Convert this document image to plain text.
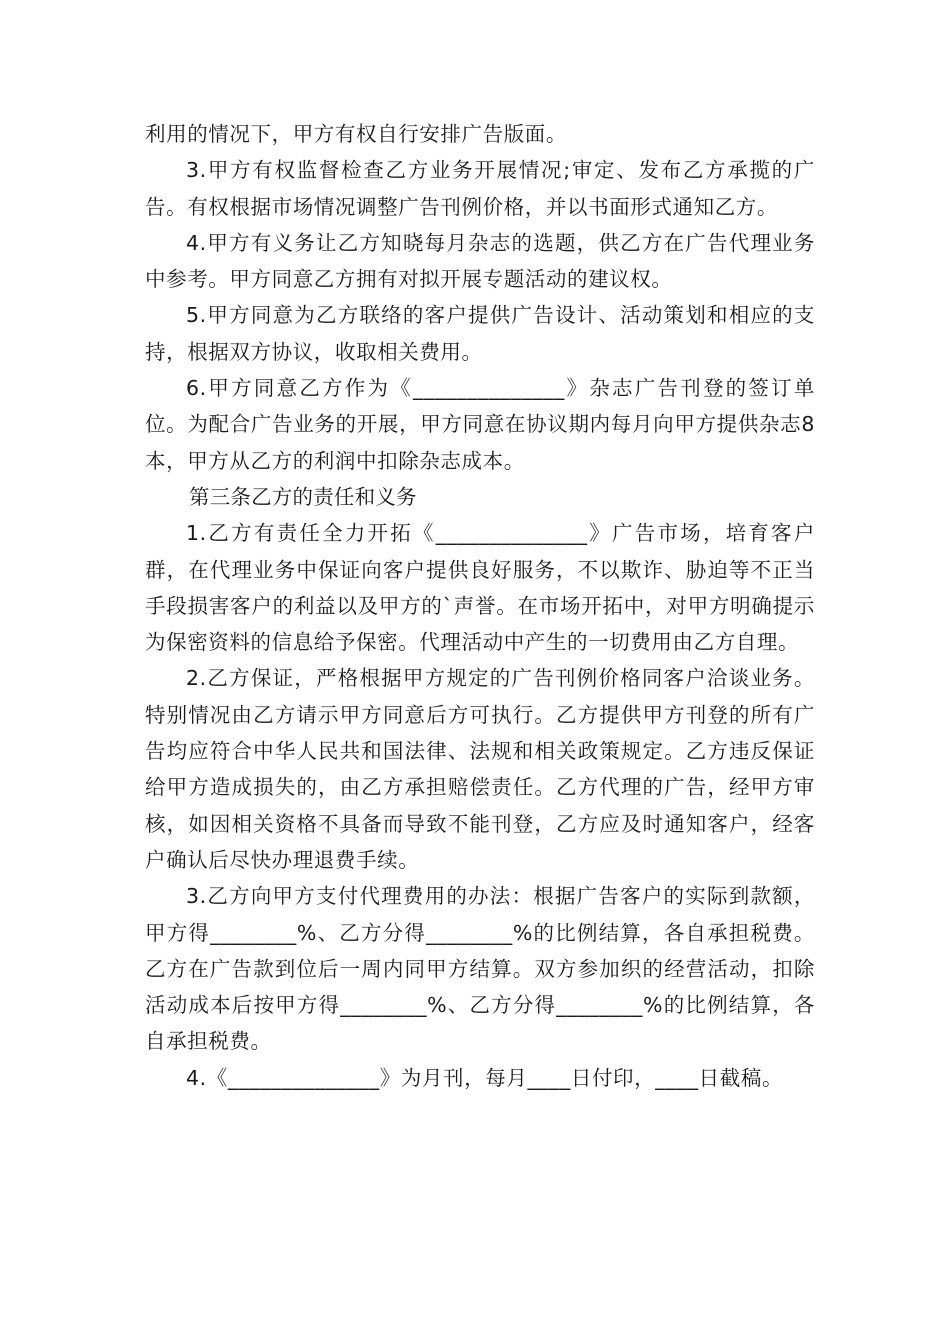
利用的情况下，甲方有权自行安排广告版面。

3.甲方有权监督检查乙方业务开展情况;审定、发布乙方承揽的广告。有权根据市场情况调整广告刊例价格，并以书面形式通知乙方。

4.甲方有义务让乙方知晓每月杂志的选题，供乙方在广告代理业务中参考。甲方同意乙方拥有对拟开展专题活动的建议权。

5.甲方同意为乙方联络的客户提供广告设计、活动策划和相应的支持，根据双方协议，收取相关费用。

6.甲方同意乙方作为《______________》杂志广告刊登的签订单位。为配合广告业务的开展，甲方同意在协议期内每月向甲方提供杂志8本，甲方从乙方的利润中扣除杂志成本。

第三条乙方的责任和义务

1.乙方有责任全力开拓《______________》广告市场，培育客户群，在代理业务中保证向客户提供良好服务，不以欺诈、胁迫等不正当手段损害客户的利益以及甲方的`声誉。在市场开拓中，对甲方明确提示为保密资料的信息给予保密。代理活动中产生的一切费用由乙方自理。

2.乙方保证，严格根据甲方规定的广告刊例价格同客户洽谈业务。特别情况由乙方请示甲方同意后方可执行。乙方提供甲方刊登的所有广告均应符合中华人民共和国法律、法规和相关政策规定。乙方违反保证给甲方造成损失的，由乙方承担赔偿责任。乙方代理的广告，经甲方审核，如因相关资格不具备而导致不能刊登，乙方应及时通知客户，经客户确认后尽快办理退费手续。

3.乙方向甲方支付代理费用的办法：根据广告客户的实际到款额，甲方得________%、乙方分得________%的比例结算，各自承担税费。乙方在广告款到位后一周内同甲方结算。双方参加织的经营活动，扣除活动成本后按甲方得________%、乙方分得________%的比例结算，各自承担税费。

4.《______________》为月刊，每月____日付印，____日截稿。
